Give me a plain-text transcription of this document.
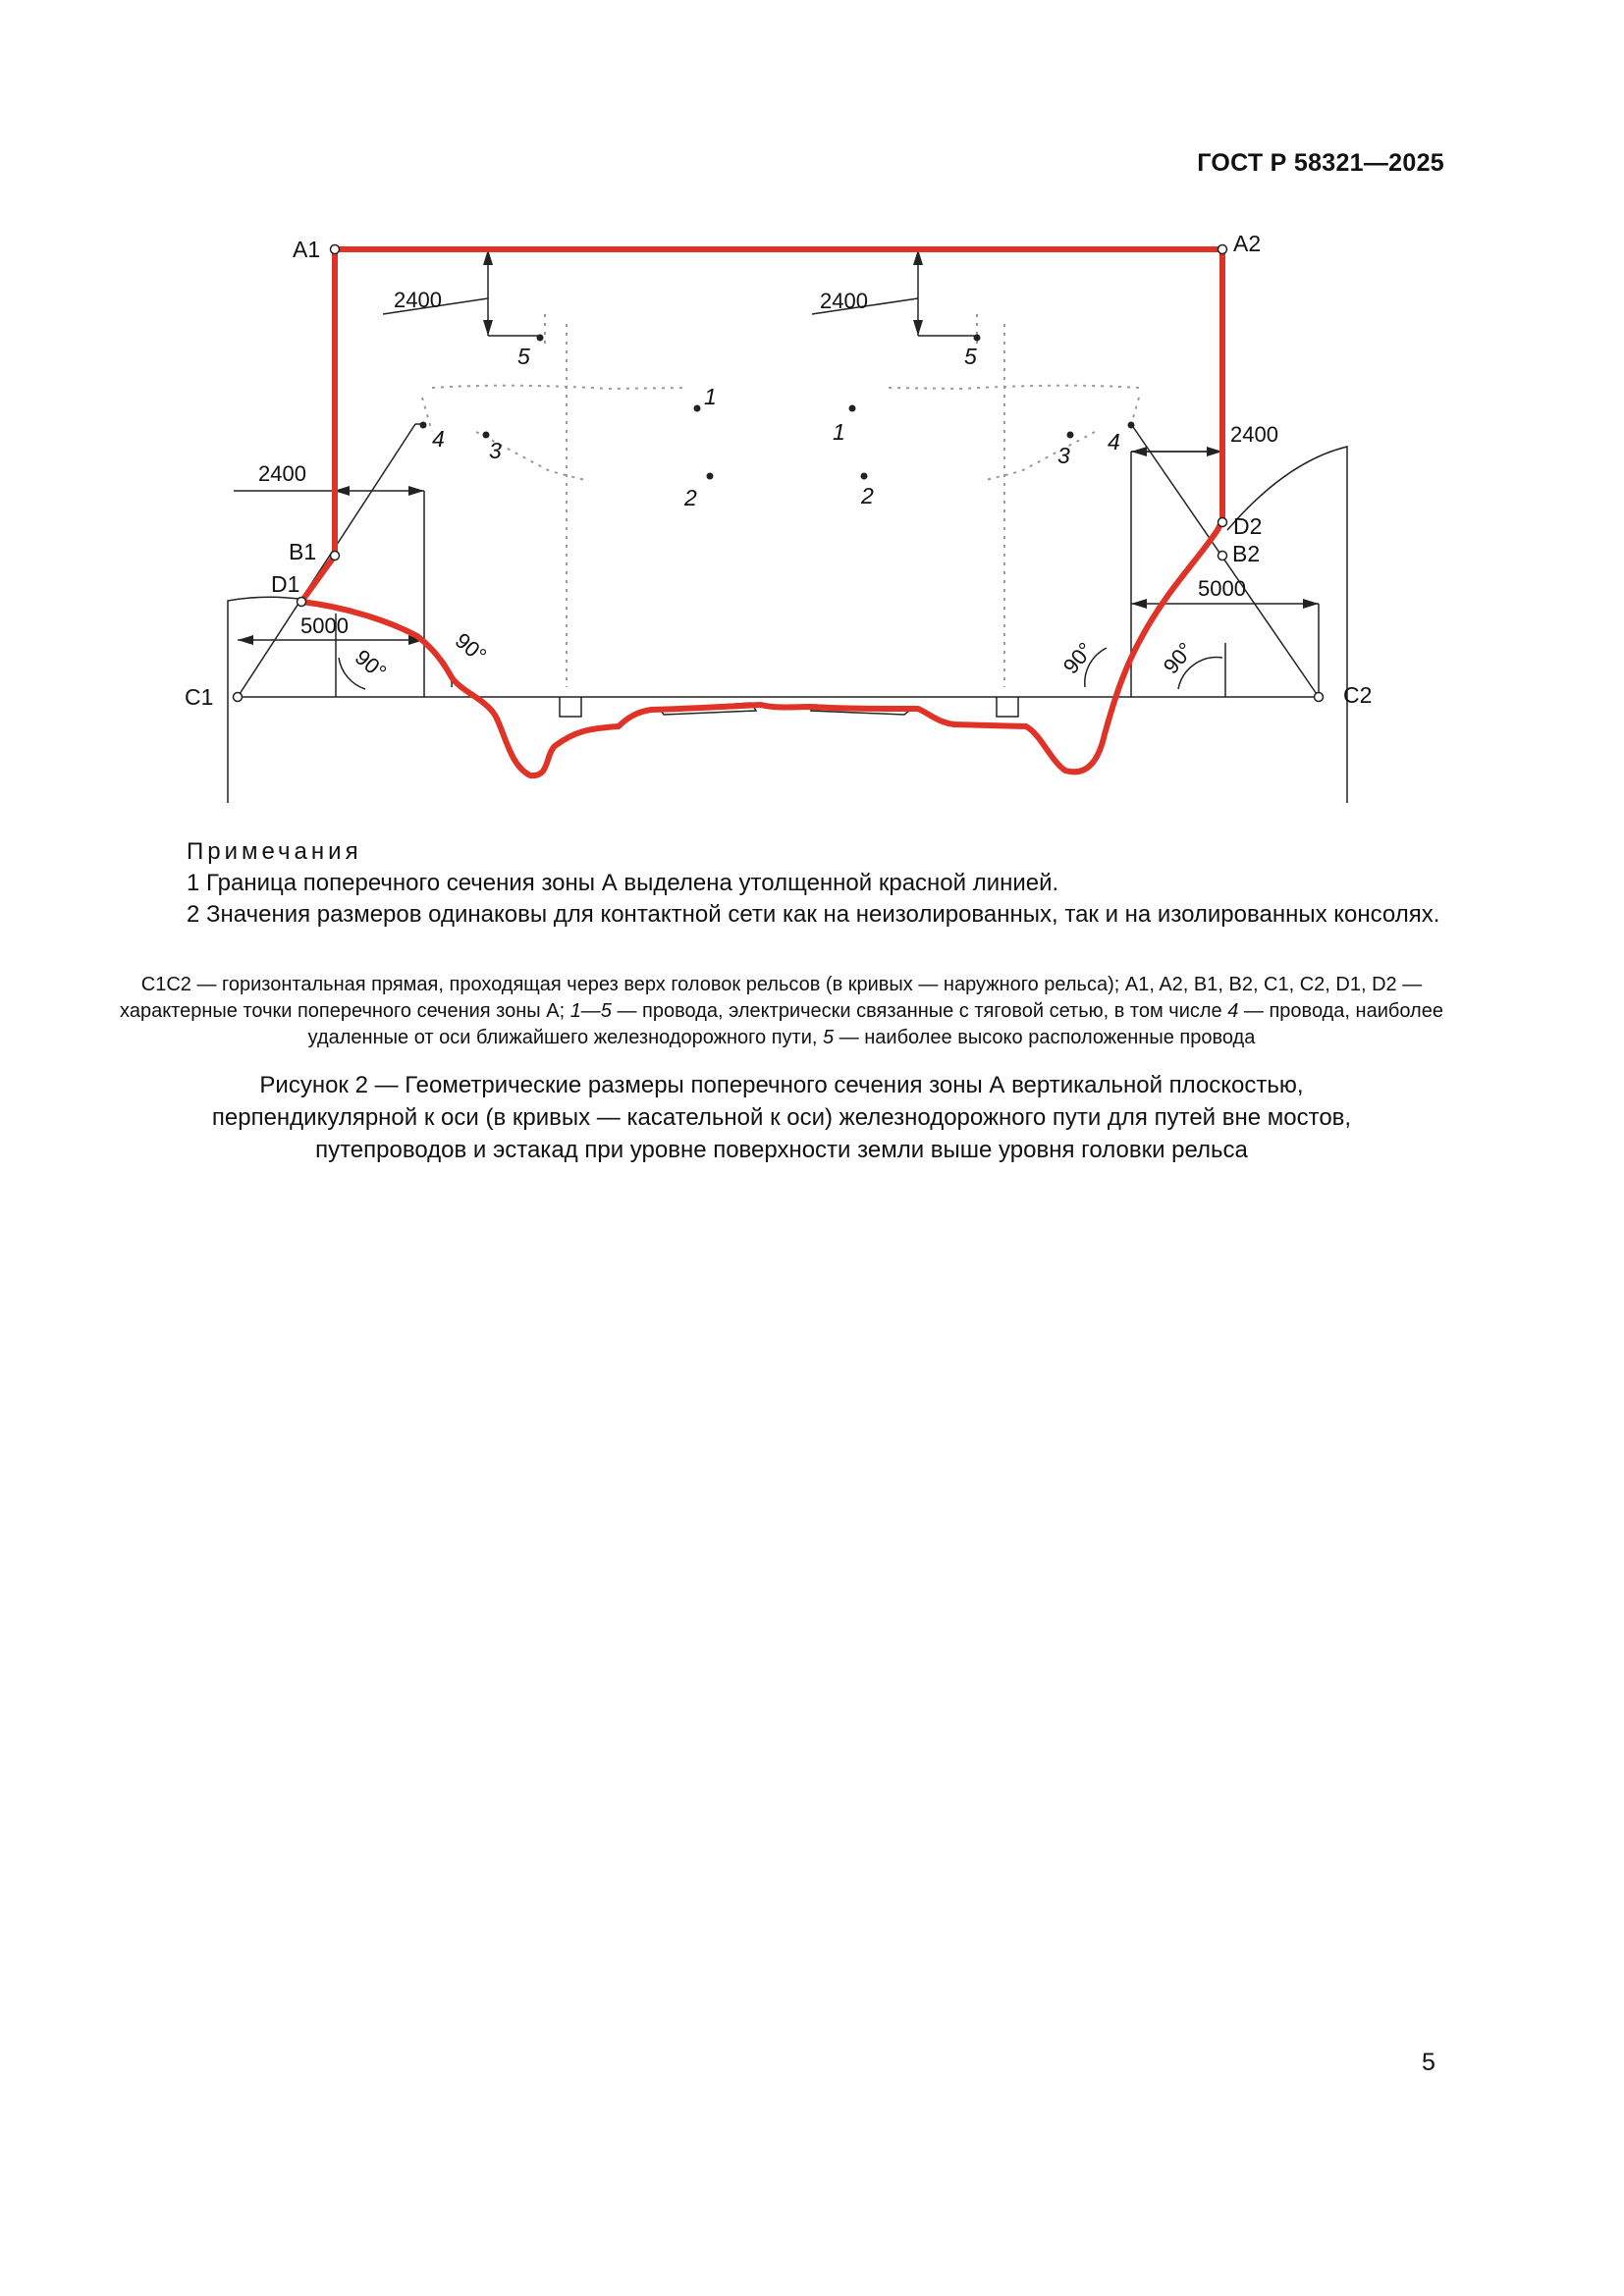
ГОСТ Р 58321—2025
A1	A2
B1	B2
C1	C2
D1
D2
2400	2400
2400
2400
5000
5000
90°	90°	90°	90°
1
1
2	2
3	3
4	4
5	5
Примечания
1 Граница поперечного сечения зоны А выделена утолщенной красной линией.
2 Значения размеров одинаковы для контактной сети как на неизолированных, так и на изолированных консолях.
C1C2 — горизонтальная прямая, проходящая через верх головок рельсов (в кривых — наружного рельса); A1, A2, B1, B2, C1, C2, D1, D2 — характерные точки поперечного сечения зоны А; 1—5 — провода, электрически связанные с тяговой сетью, в том числе 4 — провода, наиболее удаленные от оси ближайшего железнодорожного пути, 5 — наиболее высоко расположенные провода
Рисунок 2 — Геометрические размеры поперечного сечения зоны А вертикальной плоскостью,
перпендикулярной к оси (в кривых — касательной к оси) железнодорожного пути для путей вне мостов,
путепроводов и эстакад при уровне поверхности земли выше уровня головки рельса
5
